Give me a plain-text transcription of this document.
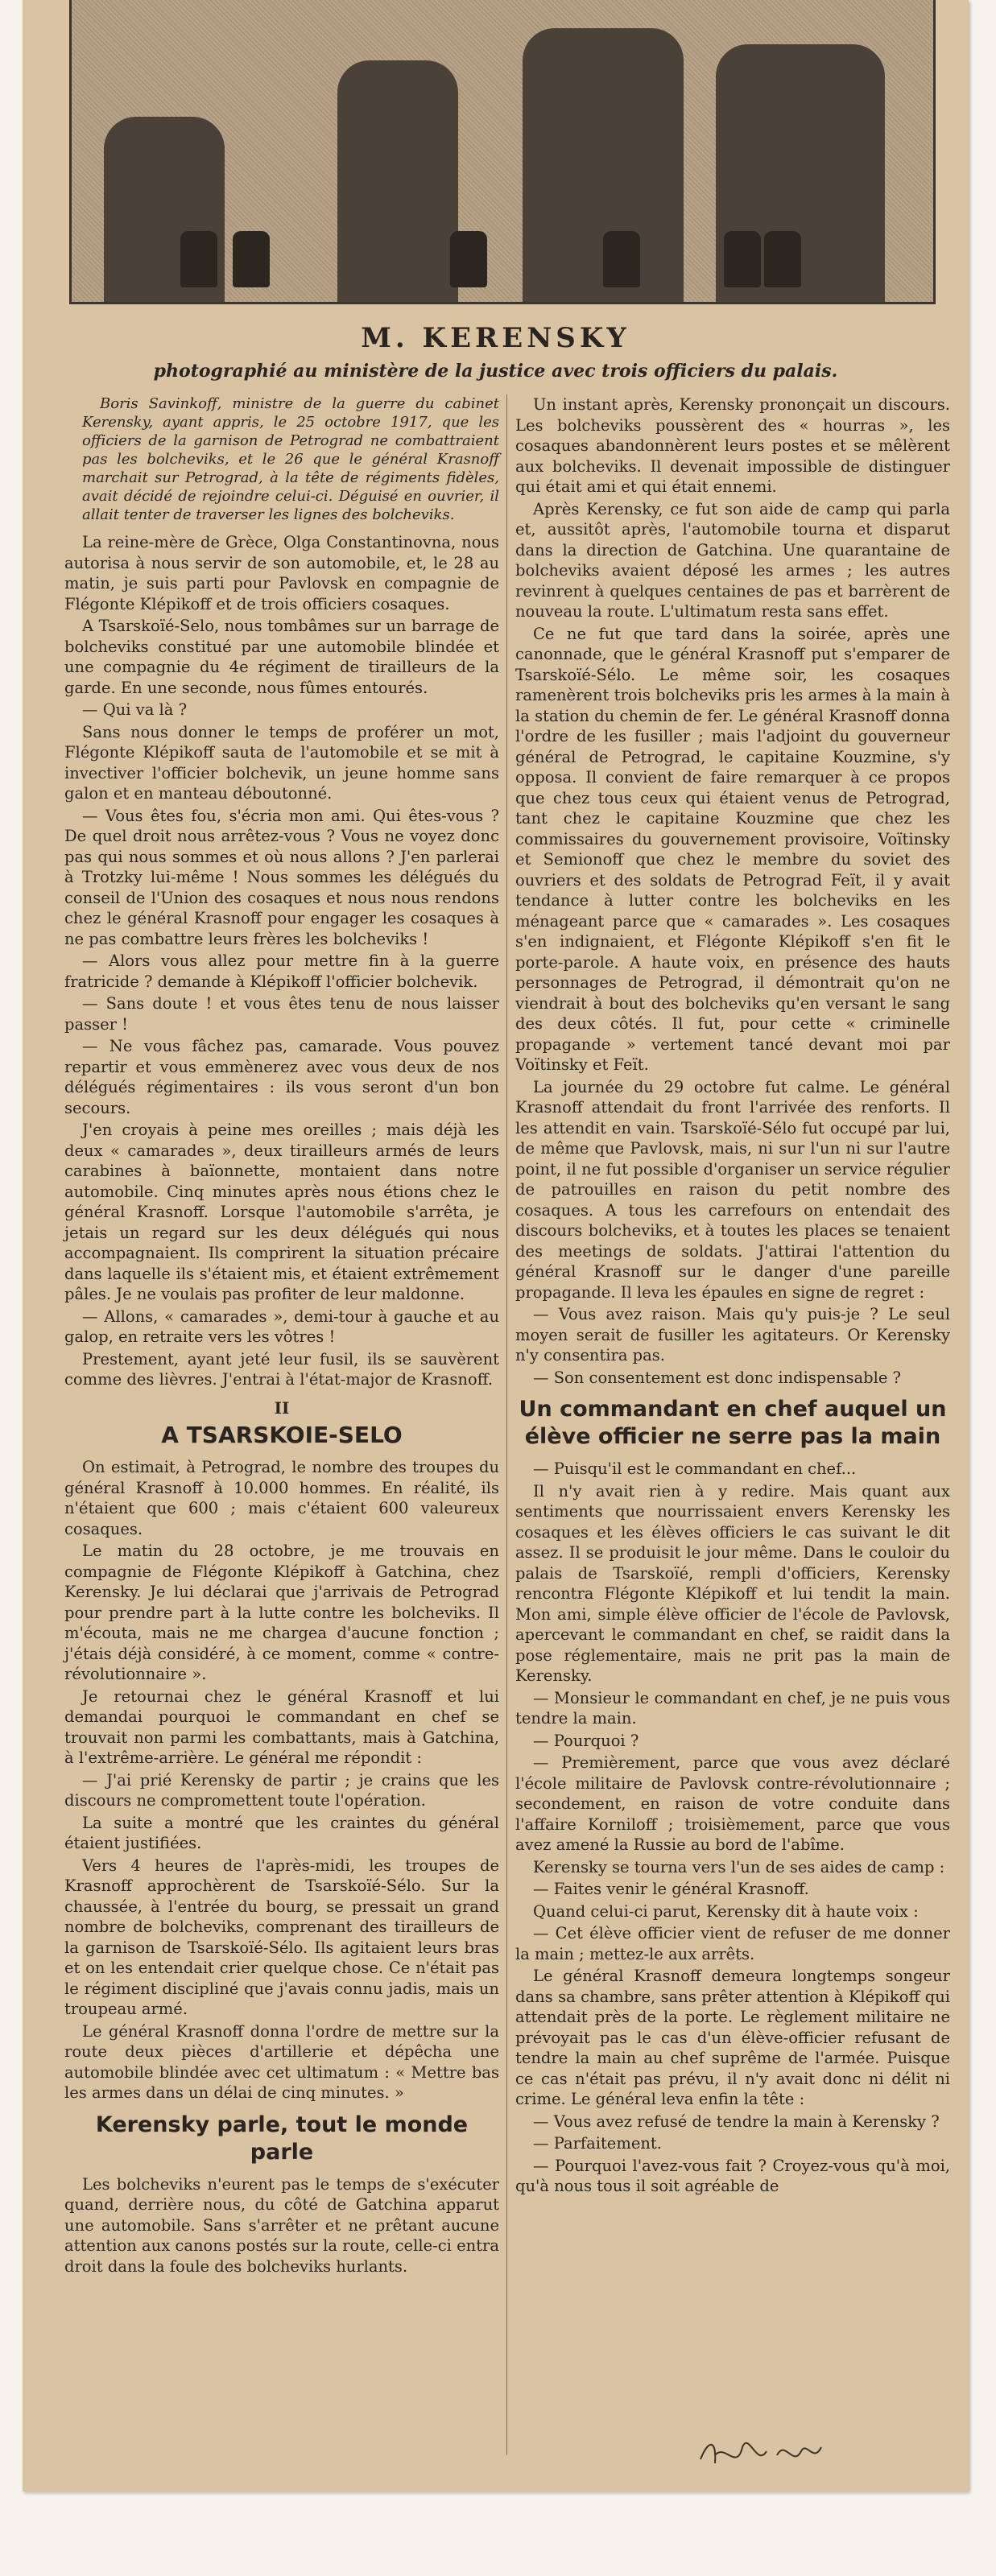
M. KERENSKY
photographié au ministère de la justice avec trois officiers du palais.

Boris Savinkoff, ministre de la guerre du cabinet Kerensky, ayant appris, le 25 octobre 1917, que les officiers de la garnison de Petrograd ne combattraient pas les bolcheviks, et le 26 que le général Krasnoff marchait sur Petrograd, à la tête de régiments fidèles, avait décidé de rejoindre celui-ci. Déguisé en ouvrier, il allait tenter de traverser les lignes des bolcheviks.

La reine-mère de Grèce, Olga Constantinovna, nous autorisa à nous servir de son automobile, et, le 28 au matin, je suis parti pour Pavlovsk en compagnie de Flégonte Klépikoff et de trois officiers cosaques.

A Tsarskoïé-Selo, nous tombâmes sur un barrage de bolcheviks constitué par une automobile blindée et une compagnie du 4e régiment de tirailleurs de la garde. En une seconde, nous fûmes entourés.

— Qui va là ?

Sans nous donner le temps de proférer un mot, Flégonte Klépikoff sauta de l'automobile et se mit à invectiver l'officier bolchevik, un jeune homme sans galon et en manteau déboutonné.

— Vous êtes fou, s'écria mon ami. Qui êtes-vous ? De quel droit nous arrêtez-vous ? Vous ne voyez donc pas qui nous sommes et où nous allons ? J'en parlerai à Trotzky lui-même ! Nous sommes les délégués du conseil de l'Union des cosaques et nous nous rendons chez le général Krasnoff pour engager les cosaques à ne pas combattre leurs frères les bolcheviks !

— Alors vous allez pour mettre fin à la guerre fratricide ? demande à Klépikoff l'officier bolchevik.

— Sans doute ! et vous êtes tenu de nous laisser passer !

— Ne vous fâchez pas, camarade. Vous pouvez repartir et vous emmènerez avec vous deux de nos délégués régimentaires : ils vous seront d'un bon secours.

J'en croyais à peine mes oreilles ; mais déjà les deux « camarades », deux tirailleurs armés de leurs carabines à baïonnette, montaient dans notre automobile. Cinq minutes après nous étions chez le général Krasnoff. Lorsque l'automobile s'arrêta, je jetais un regard sur les deux délégués qui nous accompagnaient. Ils comprirent la situation précaire dans laquelle ils s'étaient mis, et étaient extrêmement pâles. Je ne voulais pas profiter de leur maldonne.

— Allons, « camarades », demi-tour à gauche et au galop, en retraite vers les vôtres !

Prestement, ayant jeté leur fusil, ils se sauvèrent comme des lièvres. J'entrai à l'état-major de Krasnoff.

II

A TSARSKOIE-SELO

On estimait, à Petrograd, le nombre des troupes du général Krasnoff à 10.000 hommes. En réalité, ils n'étaient que 600 ; mais c'étaient 600 valeureux cosaques.

Le matin du 28 octobre, je me trouvais en compagnie de Flégonte Klépikoff à Gatchina, chez Kerensky. Je lui déclarai que j'arrivais de Petrograd pour prendre part à la lutte contre les bolcheviks. Il m'écouta, mais ne me chargea d'aucune fonction ; j'étais déjà considéré, à ce moment, comme « contre-révolutionnaire ».

Je retournai chez le général Krasnoff et lui demandai pourquoi le commandant en chef se trouvait non parmi les combattants, mais à Gatchina, à l'extrême-arrière. Le général me répondit :

— J'ai prié Kerensky de partir ; je crains que les discours ne compromettent toute l'opération.

La suite a montré que les craintes du général étaient justifiées.

Vers 4 heures de l'après-midi, les troupes de Krasnoff approchèrent de Tsarskoïé-Sélo. Sur la chaussée, à l'entrée du bourg, se pressait un grand nombre de bolcheviks, comprenant des tirailleurs de la garnison de Tsarskoïé-Sélo. Ils agitaient leurs bras et on les entendait crier quelque chose. Ce n'était pas le régiment discipliné que j'avais connu jadis, mais un troupeau armé.

Le général Krasnoff donna l'ordre de mettre sur la route deux pièces d'artillerie et dépêcha une automobile blindée avec cet ultimatum : « Mettre bas les armes dans un délai de cinq minutes. »

Kerensky parle, tout le monde parle

Les bolcheviks n'eurent pas le temps de s'exécuter quand, derrière nous, du côté de Gatchina apparut une automobile. Sans s'arrêter et ne prêtant aucune attention aux canons postés sur la route, celle-ci entra droit dans la foule des bolcheviks hurlants.

Un instant après, Kerensky prononçait un discours. Les bolcheviks poussèrent des « hourras », les cosaques abandonnèrent leurs postes et se mêlèrent aux bolcheviks. Il devenait impossible de distinguer qui était ami et qui était ennemi.

Après Kerensky, ce fut son aide de camp qui parla et, aussitôt après, l'automobile tourna et disparut dans la direction de Gatchina. Une quarantaine de bolcheviks avaient déposé les armes ; les autres revinrent à quelques centaines de pas et barrèrent de nouveau la route. L'ultimatum resta sans effet.

Ce ne fut que tard dans la soirée, après une canonnade, que le général Krasnoff put s'emparer de Tsarskoïé-Sélo. Le même soir, les cosaques ramenèrent trois bolcheviks pris les armes à la main à la station du chemin de fer. Le général Krasnoff donna l'ordre de les fusiller ; mais l'adjoint du gouverneur général de Petrograd, le capitaine Kouzmine, s'y opposa. Il convient de faire remarquer à ce propos que chez tous ceux qui étaient venus de Petrograd, tant chez le capitaine Kouzmine que chez les commissaires du gouvernement provisoire, Voïtinsky et Semionoff que chez le membre du soviet des ouvriers et des soldats de Petrograd Feït, il y avait tendance à lutter contre les bolcheviks en les ménageant parce que « camarades ». Les cosaques s'en indignaient, et Flégonte Klépikoff s'en fit le porte-parole. A haute voix, en présence des hauts personnages de Petrograd, il démontrait qu'on ne viendrait à bout des bolcheviks qu'en versant le sang des deux côtés. Il fut, pour cette « criminelle propagande » vertement tancé devant moi par Voïtinsky et Feït.

La journée du 29 octobre fut calme. Le général Krasnoff attendait du front l'arrivée des renforts. Il les attendit en vain. Tsarskoïé-Sélo fut occupé par lui, de même que Pavlovsk, mais, ni sur l'un ni sur l'autre point, il ne fut possible d'organiser un service régulier de patrouilles en raison du petit nombre des cosaques. A tous les carrefours on entendait des discours bolcheviks, et à toutes les places se tenaient des meetings de soldats. J'attirai l'attention du général Krasnoff sur le danger d'une pareille propagande. Il leva les épaules en signe de regret :

— Vous avez raison. Mais qu'y puis-je ? Le seul moyen serait de fusiller les agitateurs. Or Kerensky n'y consentira pas.

— Son consentement est donc indispensable ?

Un commandant en chef auquel un élève officier ne serre pas la main

— Puisqu'il est le commandant en chef...

Il n'y avait rien à y redire. Mais quant aux sentiments que nourrissaient envers Kerensky les cosaques et les élèves officiers le cas suivant le dit assez. Il se produisit le jour même. Dans le couloir du palais de Tsarskoïé, rempli d'officiers, Kerensky rencontra Flégonte Klépikoff et lui tendit la main. Mon ami, simple élève officier de l'école de Pavlovsk, apercevant le commandant en chef, se raidit dans la pose réglementaire, mais ne prit pas la main de Kerensky.

— Monsieur le commandant en chef, je ne puis vous tendre la main.

— Pourquoi ?

— Premièrement, parce que vous avez déclaré l'école militaire de Pavlovsk contre-révolutionnaire ; secondement, en raison de votre conduite dans l'affaire Korniloff ; troisièmement, parce que vous avez amené la Russie au bord de l'abîme.

Kerensky se tourna vers l'un de ses aides de camp :

— Faites venir le général Krasnoff.

Quand celui-ci parut, Kerensky dit à haute voix :

— Cet élève officier vient de refuser de me donner la main ; mettez-le aux arrêts.

Le général Krasnoff demeura longtemps songeur dans sa chambre, sans prêter attention à Klépikoff qui attendait près de la porte. Le règlement militaire ne prévoyait pas le cas d'un élève-officier refusant de tendre la main au chef suprême de l'armée. Puisque ce cas n'était pas prévu, il n'y avait donc ni délit ni crime. Le général leva enfin la tête :

— Vous avez refusé de tendre la main à Kerensky ?

— Parfaitement.

— Pourquoi l'avez-vous fait ? Croyez-vous qu'à moi, qu'à nous tous il soit agréable de
